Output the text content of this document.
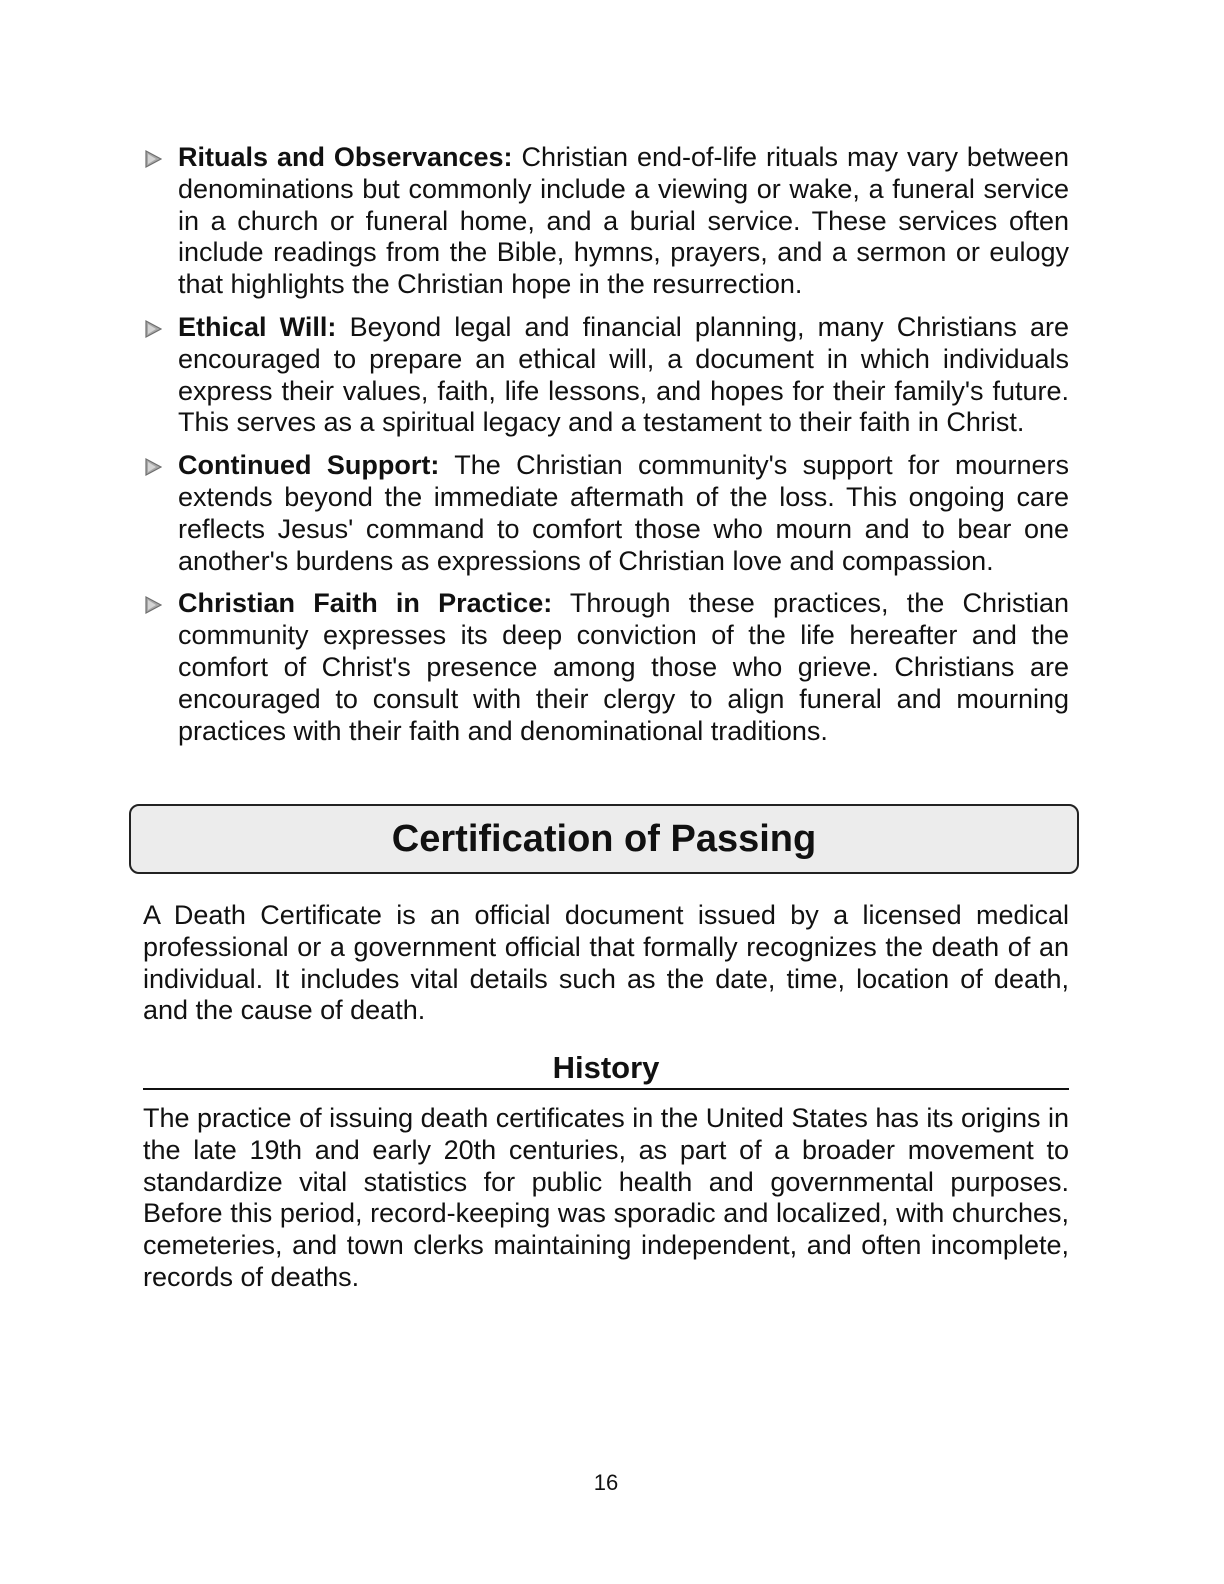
Rituals and Observances: Christian end-of-life rituals may vary between denominations but commonly include a viewing or wake, a funeral service in a church or funeral home, and a burial service. These services often include readings from the Bible, hymns, prayers, and a sermon or eulogy that highlights the Christian hope in the resurrection.
Ethical Will: Beyond legal and financial planning, many Christians are encouraged to prepare an ethical will, a document in which individuals express their values, faith, life lessons, and hopes for their family's future. This serves as a spiritual legacy and a testament to their faith in Christ.
Continued Support: The Christian community's support for mourners extends beyond the immediate aftermath of the loss. This ongoing care reflects Jesus' command to comfort those who mourn and to bear one another's burdens as expressions of Christian love and compassion.
Christian Faith in Practice: Through these practices, the Christian community expresses its deep conviction of the life hereafter and the comfort of Christ's presence among those who grieve. Christians are encouraged to consult with their clergy to align funeral and mourning practices with their faith and denominational traditions.
Certification of Passing

A Death Certificate is an official document issued by a licensed medical professional or a government official that formally recognizes the death of an individual. It includes vital details such as the date, time, location of death, and the cause of death.

History

The practice of issuing death certificates in the United States has its origins in the late 19th and early 20th centuries, as part of a broader movement to standardize vital statistics for public health and governmental purposes. Before this period, record-keeping was sporadic and localized, with churches, cemeteries, and town clerks maintaining independent, and often incomplete, records of deaths.

16
